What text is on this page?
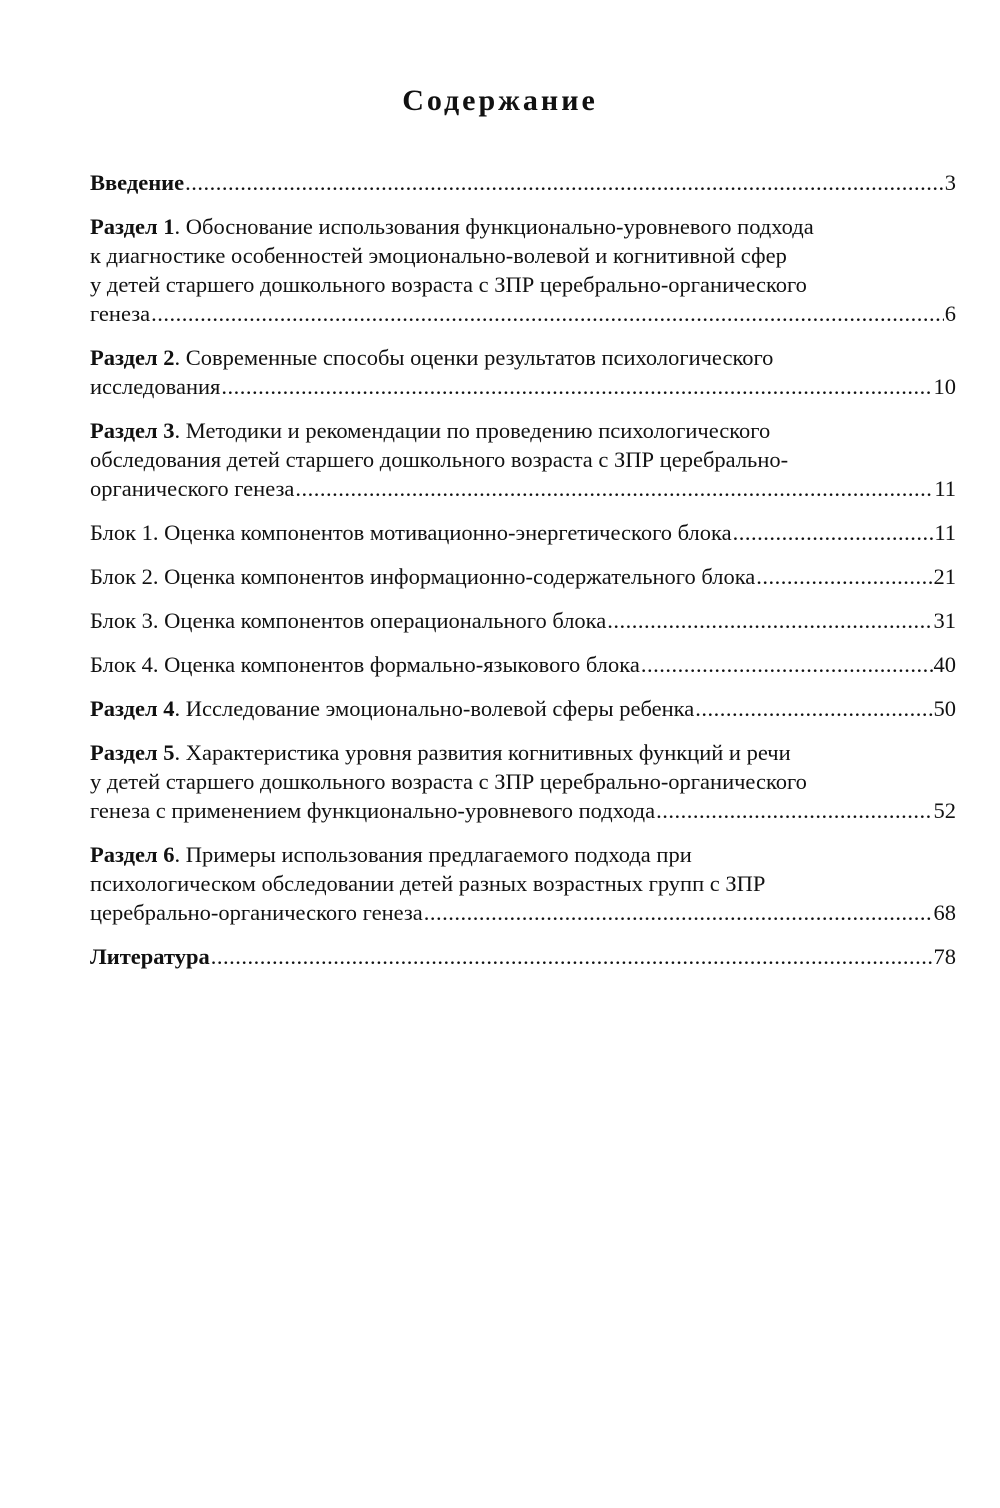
Содержание
Введение .....	3
Раздел 1. Обоснование использования функционально-уровневого подхода
к диагностике особенностей эмоционально-волевой и когнитивной сфер
у детей старшего дошкольного возраста с ЗПР церебрально-органического
генеза .....	6
Раздел 2. Современные способы оценки результатов психологического
исследования .....	10
Раздел 3. Методики и рекомендации по проведению психологического
обследования детей старшего дошкольного возраста с ЗПР церебрально-
органического генеза .....	11
Блок 1. Оценка компонентов мотивационно-энергетического блока .....	11
Блок 2. Оценка компонентов информационно-содержательного блока .....	21
Блок 3. Оценка компонентов операционального блока .....	31
Блок 4. Оценка компонентов формально-языкового блока .....	40
Раздел 4 . Исследование эмоционально-волевой сферы ребенка .....	50
Раздел 5. Характеристика уровня развития когнитивных функций и речи
у детей старшего дошкольного возраста с ЗПР церебрально-органического
генеза с применением функционально-уровневого подхода .....	52
Раздел 6. Примеры использования предлагаемого подхода при
психологическом обследовании детей разных возрастных групп с ЗПР
церебрально-органического генеза .....	68
Литература .....	78
